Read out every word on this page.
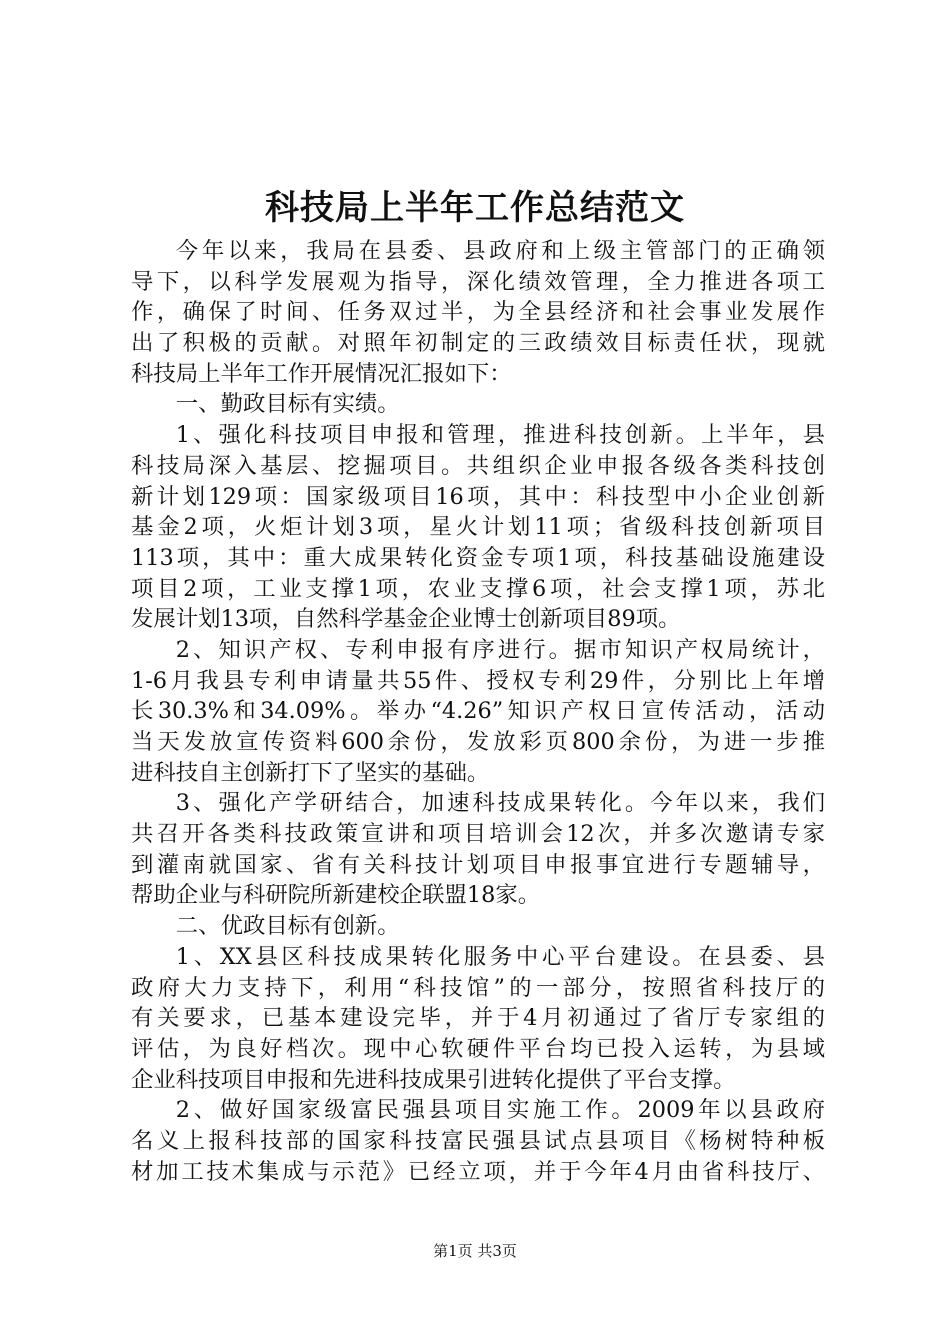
科技局上半年工作总结范文
今年以来，我局在县委、县政府和上级主管部门的正确领
导下，以科学发展观为指导，深化绩效管理，全力推进各项工
作，确保了时间、任务双过半，为全县经济和社会事业发展作
出了积极的贡献。对照年初制定的三政绩效目标责任状，现就
科技局上半年工作开展情况汇报如下：
一、勤政目标有实绩。
1、强化科技项目申报和管理，推进科技创新。上半年，县
科技局深入基层、挖掘项目。共组织企业申报各级各类科技创
新计划129项：国家级项目16项，其中：科技型中小企业创新
基金2项，火炬计划3项，星火计划11项；省级科技创新项目
113项，其中：重大成果转化资金专项1项，科技基础设施建设
项目2项，工业支撑1项，农业支撑6项，社会支撑1项，苏北
发展计划13项，自然科学基金企业博士创新项目89项。
2、知识产权、专利申报有序进行。据市知识产权局统计，
1-6月我县专利申请量共55件、授权专利29件，分别比上年增
长30.3%和34.09%。举办“4.26”知识产权日宣传活动，活动
当天发放宣传资料600余份，发放彩页800余份，为进一步推
进科技自主创新打下了坚实的基础。
3、强化产学研结合，加速科技成果转化。今年以来，我们
共召开各类科技政策宣讲和项目培训会12次，并多次邀请专家
到灌南就国家、省有关科技计划项目申报事宜进行专题辅导，
帮助企业与科研院所新建校企联盟18家。
二、优政目标有创新。
1、XX县区科技成果转化服务中心平台建设。在县委、县
政府大力支持下，利用“科技馆”的一部分，按照省科技厅的
有关要求，已基本建设完毕，并于4月初通过了省厅专家组的
评估，为良好档次。现中心软硬件平台均已投入运转，为县域
企业科技项目申报和先进科技成果引进转化提供了平台支撑。
2、做好国家级富民强县项目实施工作。2009年以县政府
名义上报科技部的国家科技富民强县试点县项目《杨树特种板
材加工技术集成与示范》已经立项，并于今年4月由省科技厅、
第1页 共3页
